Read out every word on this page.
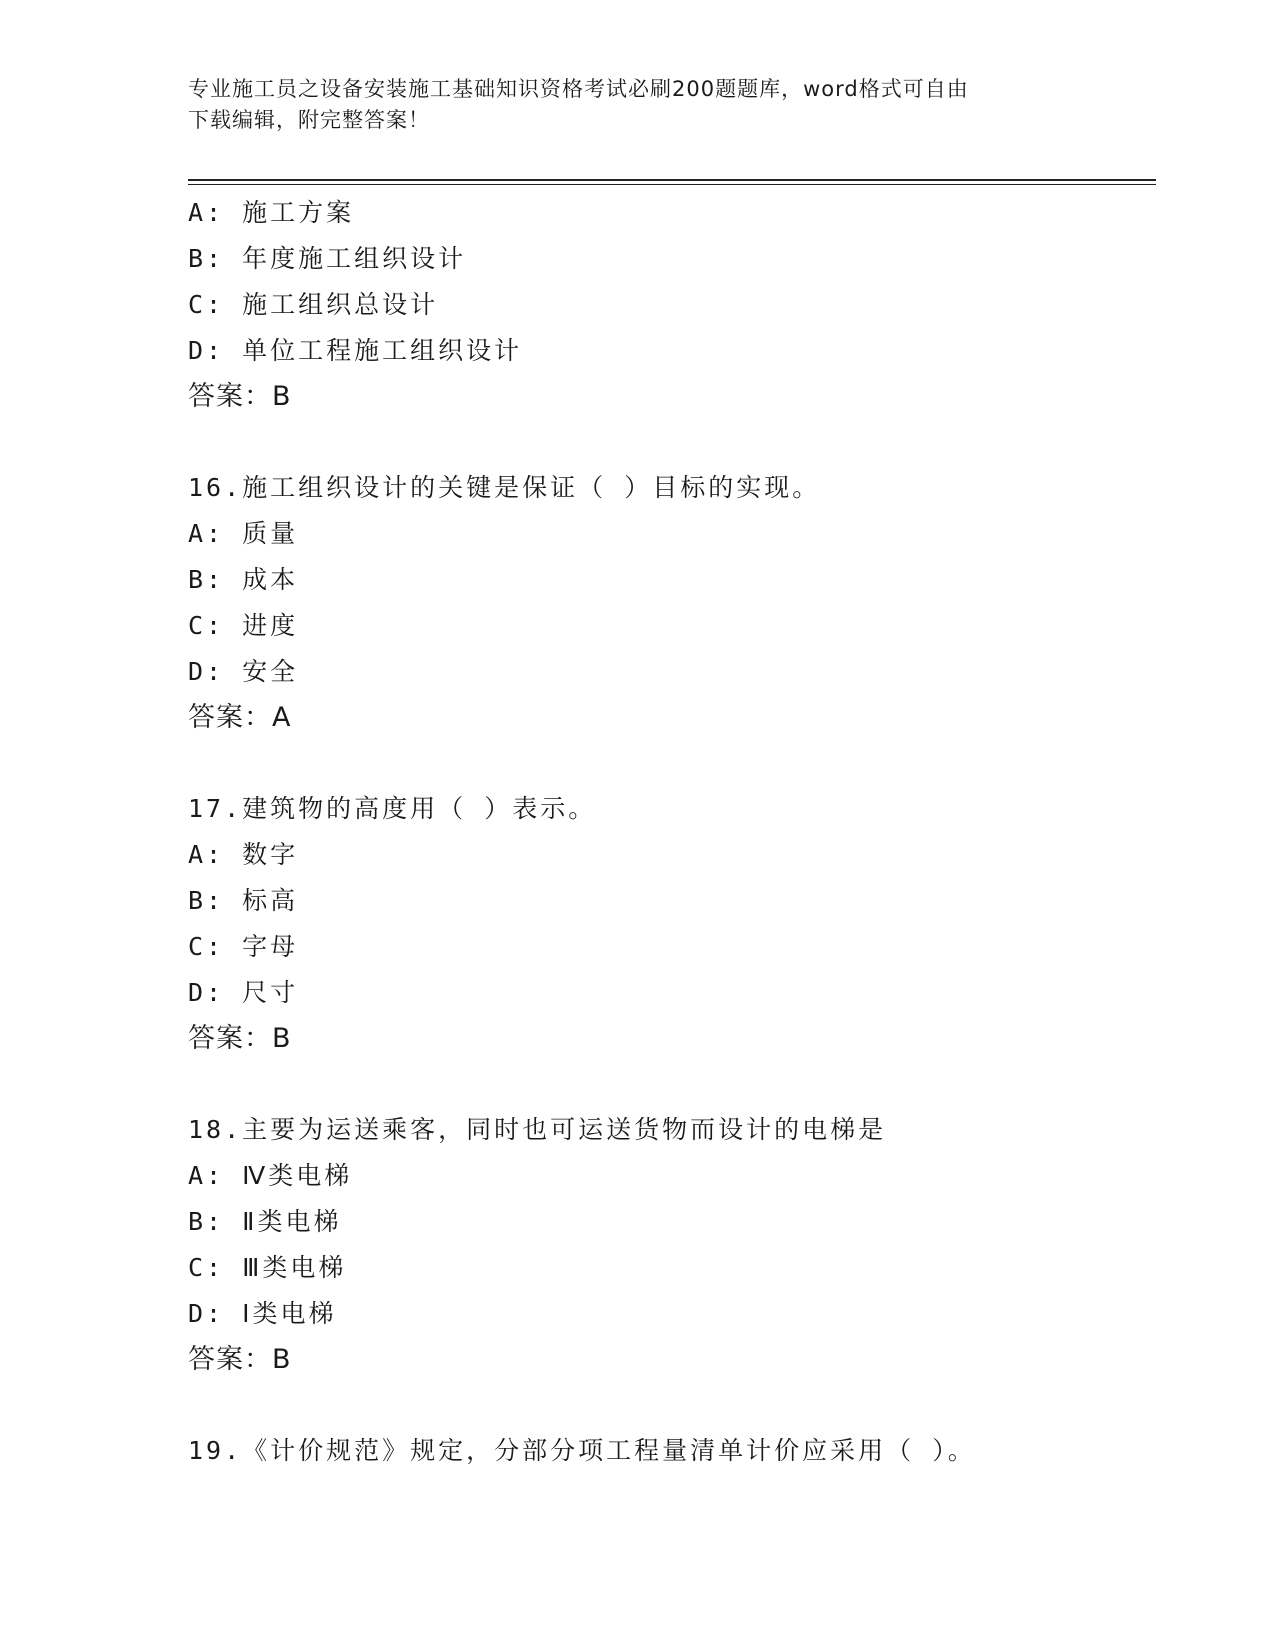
专业施工员之设备安装施工基础知识资格考试必刷200题题库，word格式可自由
下载编辑，附完整答案！
A: 施工方案
B: 年度施工组织设计
C: 施工组织总设计
D: 单位工程施工组织设计
答案：B
16.施工组织设计的关键是保证（ ）目标的实现。
A: 质量
B: 成本
C: 进度
D: 安全
答案：A
17.建筑物的高度用（ ）表示。
A: 数字
B: 标高
C: 字母
D: 尺寸
答案：B
18.主要为运送乘客，同时也可运送货物而设计的电梯是
A: Ⅳ类电梯
B: Ⅱ类电梯
C: Ⅲ类电梯
D: Ⅰ类电梯
答案：B
19.《计价规范》规定，分部分项工程量清单计价应采用（ ）。
